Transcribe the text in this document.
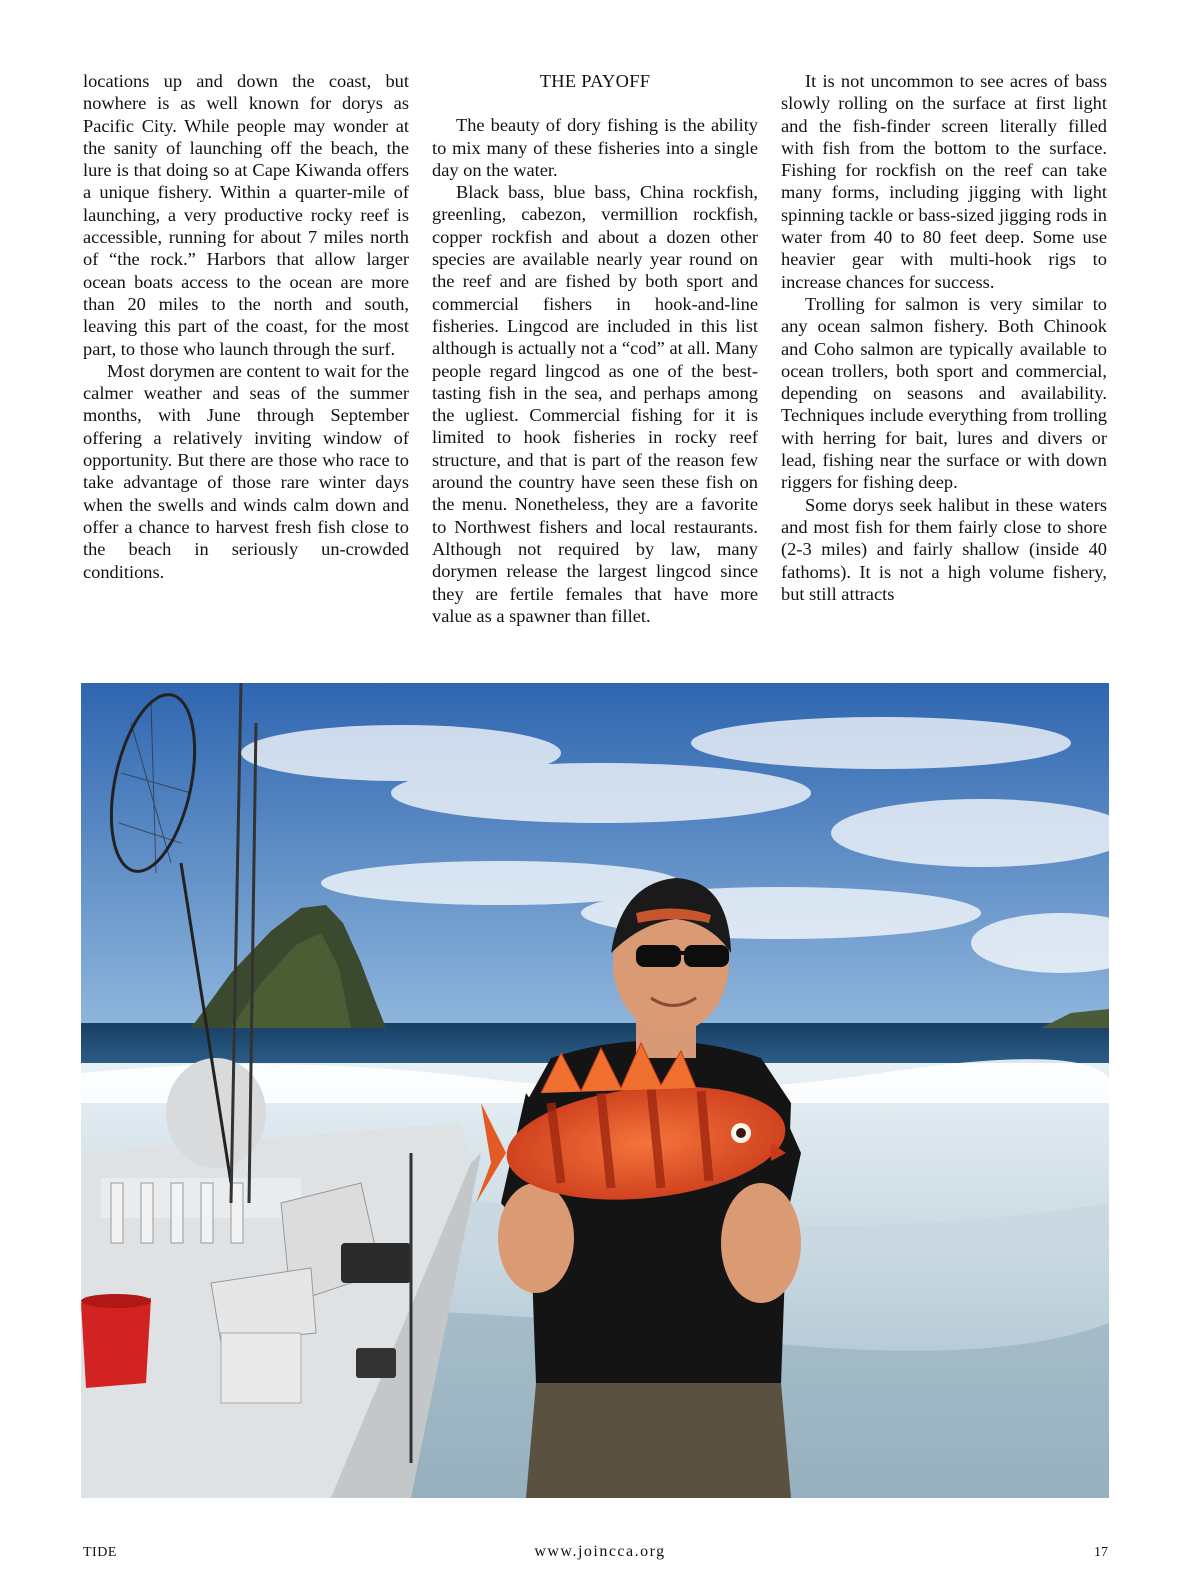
locations up and down the coast, but nowhere is as well known for dorys as Pacific City. While people may wonder at the sanity of launching off the beach, the lure is that doing so at Cape Kiwanda offers a unique fishery. Within a quarter-mile of launching, a very productive rocky reef is accessible, running for about 7 miles north of “the rock.” Harbors that allow larger ocean boats access to the ocean are more than 20 miles to the north and south, leaving this part of the coast, for the most part, to those who launch through the surf.

Most dorymen are content to wait for the calmer weather and seas of the summer months, with June through September offering a relatively inviting window of opportunity. But there are those who race to take advantage of those rare winter days when the swells and winds calm down and offer a chance to harvest fresh fish close to the beach in seriously un-crowded conditions.

THE PAYOFF

The beauty of dory fishing is the ability to mix many of these fisheries into a single day on the water.

Black bass, blue bass, China rockfish, greenling, cabezon, vermillion rockfish, copper rockfish and about a dozen other species are available nearly year round on the reef and are fished by both sport and commercial fishers in hook-and-line fisheries. Lingcod are included in this list although is actually not a “cod” at all. Many people regard lingcod as one of the best-tasting fish in the sea, and perhaps among the ugliest. Commercial fishing for it is limited to hook fisheries in rocky reef structure, and that is part of the reason few around the country have seen these fish on the menu. Nonetheless, they are a favorite to Northwest fishers and local restaurants. Although not required by law, many dorymen release the largest lingcod since they are fertile females that have more value as a spawner than fillet.

It is not uncommon to see acres of bass slowly rolling on the surface at first light and the fish-finder screen literally filled with fish from the bottom to the surface. Fishing for rockfish on the reef can take many forms, including jigging with light spinning tackle or bass-sized jigging rods in water from 40 to 80 feet deep. Some use heavier gear with multi-hook rigs to increase chances for success.

Trolling for salmon is very similar to any ocean salmon fishery. Both Chinook and Coho salmon are typically available to ocean trollers, both sport and commercial, depending on seasons and availability. Techniques include everything from trolling with herring for bait, lures and divers or lead, fishing near the surface or with down riggers for fishing deep.

Some dorys seek halibut in these waters and most fish for them fairly close to shore (2-3 miles) and fairly shallow (inside 40 fathoms). It is not a high volume fishery, but still attracts

TIDE	www.joincca.org	17
